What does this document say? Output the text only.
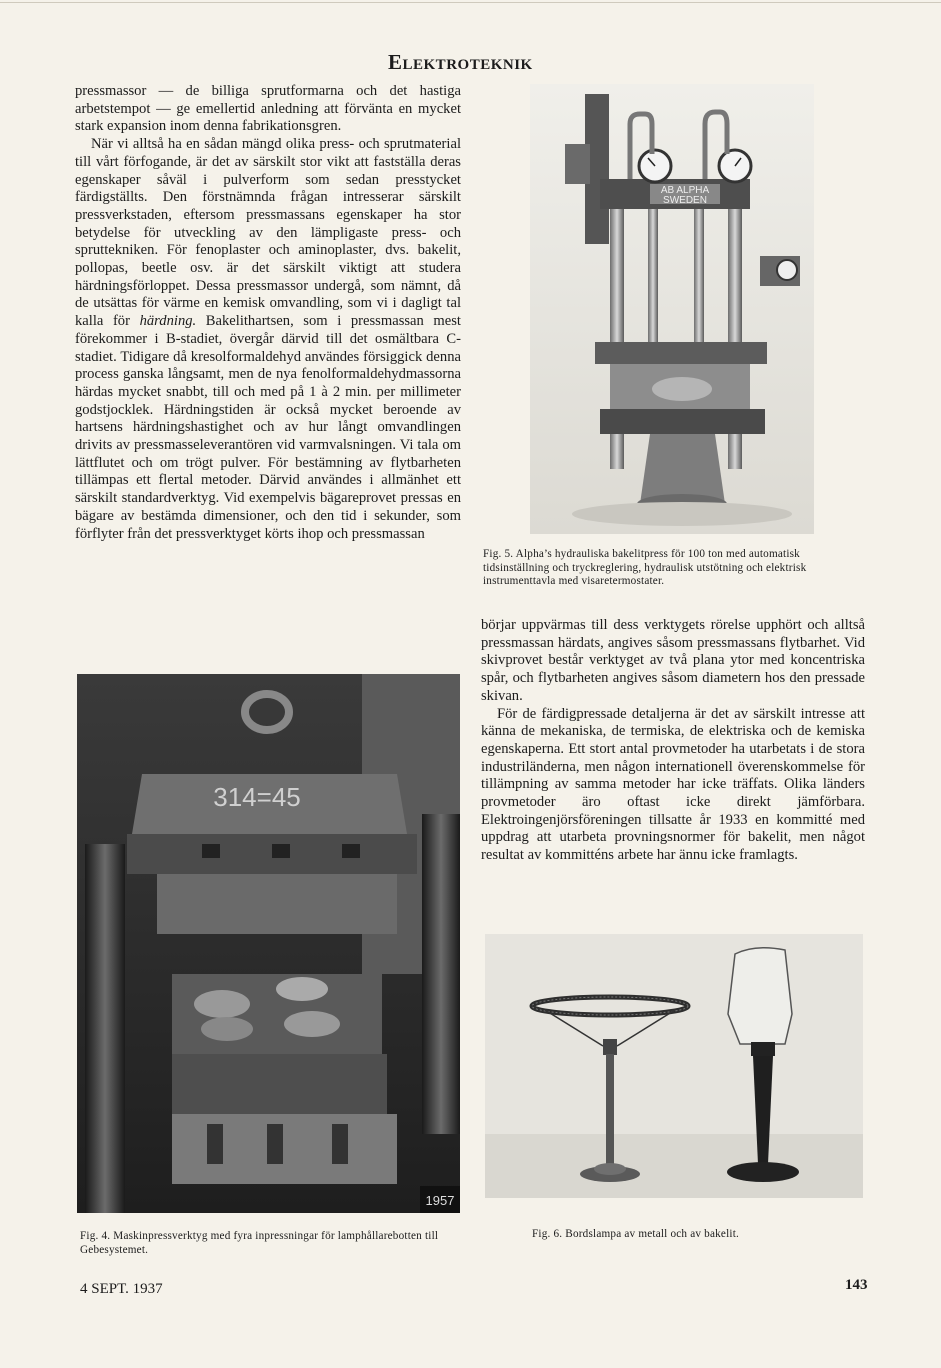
Elektroteknik

pressmassor — de billiga sprutformarna och det hastiga arbetstempot — ge emellertid anledning att förvänta en mycket stark expansion inom denna fabrikationsgren.

När vi alltså ha en sådan mängd olika press- och sprutmaterial till vårt förfogande, är det av särskilt stor vikt att fastställa deras egenskaper såväl i pulverform som sedan presstycket färdigställts. Den förstnämnda frågan intresserar särskilt pressverkstaden, eftersom pressmassans egenskaper ha stor betydelse för utveckling av den lämpligaste press- och spruttekniken. För fenoplaster och aminoplaster, dvs. bakelit, pollopas, beetle osv. är det särskilt viktigt att studera härdningsförloppet. Dessa pressmassor undergå, som nämnt, då de utsättas för värme en kemisk omvandling, som vi i dagligt tal kalla för härdning. Bakelithartsen, som i pressmassan mest förekommer i B-stadiet, övergår därvid till det osmältbara C-stadiet. Tidigare då kresolformaldehyd användes försiggick denna process ganska långsamt, men de nya fenolformaldehydmassorna härdas mycket snabbt, till och med på 1 à 2 min. per millimeter godstjocklek. Härdningstiden är också mycket beroende av hartsens härdningshastighet och av hur långt omvandlingen drivits av pressmasseleverantören vid varmvalsningen. Vi tala om lättflutet och om trögt pulver. För bestämning av flytbarheten tillämpas ett flertal metoder. Därvid användes i allmänhet ett särskilt standardverktyg. Vid exempelvis bägareprovet pressas en bägare av bestämda dimensioner, och den tid i sekunder, som förflyter från det pressverktyget körts ihop och pressmassan

börjar uppvärmas till dess verktygets rörelse upphört och alltså pressmassan härdats, angives såsom pressmassans flytbarhet. Vid skivprovet består verktyget av två plana ytor med koncentriska spår, och flytbarheten angives såsom diametern hos den pressade skivan.

För de färdigpressade detaljerna är det av särskilt intresse att känna de mekaniska, de termiska, de elektriska och de kemiska egenskaperna. Ett stort antal provmetoder ha utarbetats i de stora industriländerna, men någon internationell överenskommelse för tillämpning av samma metoder har icke träffats. Olika länders provmetoder äro oftast icke direkt jämförbara. Elektroingenjörsföreningen tillsatte år 1933 en kommitté med uppdrag att utarbeta provningsnormer för bakelit, men något resultat av kommitténs arbete har ännu icke framlagts.

AB ALPHA
SWEDEN
Fig. 5. Alpha’s hydrauliska bakelitpress för 100 ton med automatisk tidsinställning och tryckreglering, hydraulisk utstötning och elektrisk instrumenttavla med visaretermostater.
314=45
1957
Fig. 4. Maskinpressverktyg med fyra inpressningar för lamphållarebotten till Gebesystemet.
Fig. 6. Bordslampa av metall och av bakelit.
4 SEPT. 1937	143
